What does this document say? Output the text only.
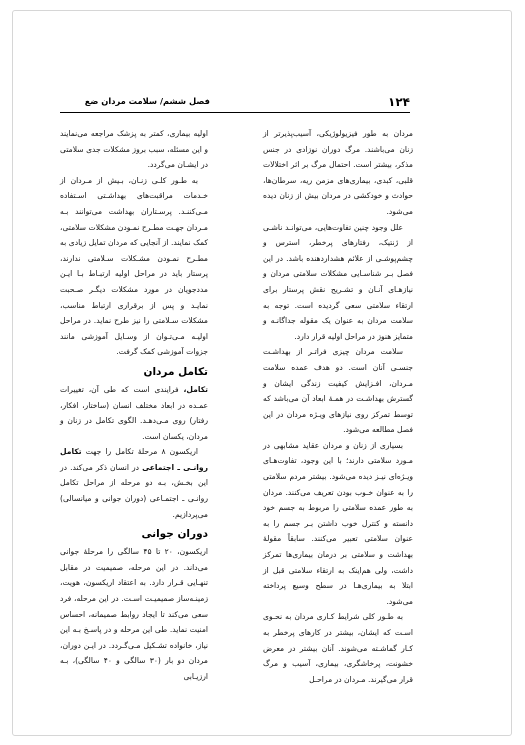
۱۲۴
فصل ششم/ سلامت مردان ضع

مردان به طور فیزیولوژیکی، آسیب‌پذیرتر از زنان می‌باشند. مرگ دوران نوزادی در جنس مذکر، بیشتر است. احتمال مرگ بر اثر اختلالات قلبی، کبدی، بیماری‌های مزمن ریه، سرطان‌ها، حوادث و خودکشی در مردان بیش از زنان دیده می‌شود.

علل وجود چنین تفاوت‌هایی، می‌توانـد ناشـی از ژنتیک، رفتارهای پرخطر، استرس و چشم‌پوشـی از علائم هشداردهنده باشد. در این فصل بـر شناسـایی مشکلات سلامتی مردان و نیازهـای آنـان و تشـریح نقش پرستار برای ارتقاء سلامتی سعی گردیده است. توجه به سلامت مردان به عنوان یک مقوله جداگانـه و متمایز هنوز در مراحل اولیه قرار دارد.

سلامت مردان چیزی فراتـر از بهداشـت جنسـی آنان است. دو هدف عمده سلامت مـردان، افـزایش کیفیت زندگی ایشان و گسترش بهداشـت در همـهٔ ابعاد آن می‌باشد که توسط تمرکز روی نیازهای ویـژه مردان در این فصل مطالعه می‌شود.

بسیاری از زنان و مردان عقاید مشابهی در مـورد سلامتی دارند؛ با این وجود، تفاوت‌هـای ویـژه‌ای نیـز دیده می‌شود. بیشتر مردم سلامتی را به عنوان خـوب بودن تعریف می‌کنند. مردان به طور عمده سلامتی را مربوط به جسم خود دانسته و کنترل خوب داشتن بـر جسم را به عنوان سلامتی تعبیر می‌کنند. سابقاً مقولهٔ بهداشت و سلامتی بر درمان بیماری‌ها تمرکز داشت، ولی هم‌اینک به ارتقاء سلامتی قبل از ابتلا به بیماری‌هـا در سطح وسیع پرداخته می‌شود.

به طـور کلی شرایط کـاری مردان به نحـوی اسـت که ایشان، بیشتر در کارهای پرخطر به کـار گماشـته می‌شوند. آنان بیشتر در معرض خشونت، پرخاشگری، بیماری، آسیب و مرگ قرار می‌گیرند. مـردان در مراحـل

اولیه بیماری، کمتر به پزشک مراجعه می‌نمایند و این مسئله، سبب بروز مشکلات جدی سلامتی در ایشـان می‌گردد.

به طـور کلـی زنـان، بـیش از مـردان از خـدمات مراقبت‌های بهداشـتی اسـتفاده مـی‌کننـد. پرسـتاران بهداشت می‌توانند بـه مـردان جهـت مطـرح نمـودن مشکلات سلامتی، کمک نمایند. از آنجایی که مردان تمایل زیادی به مطـرح نمـودن مشـکلات سـلامتی ندارند، پرستار باید در مراحل اولیه ارتبـاط بـا ایـن مددجویان در مورد مشکلات دیگـر صـحبت نمایـد و پس از برقراری ارتباط مناسب، مشکلات سـلامتی را نیز طرح نماید. در مراحل اولیـه مـی‌تـوان از وسـایل آموزشی مانند جزوات آموزشی کمک گرفت.

تکامل مردان

تکامل، فرایندی است که طی آن، تغییرات عمـده در ابعاد مختلف انسان (ساختار، افکار، رفتار) روی مـی‌دهـد. الگوی تکامل در زنان و مردان، یکسان است.

اریکسون ۸ مرحلهٔ تکامل را جهت تکامل روانـی ـ اجتماعی در انسان ذکر می‌کند. در این بخـش، بـه دو مرحله از مراحل تکامل روانـی ـ اجتمـاعی (دوران جوانی و میانسالی) می‌پردازیم.

دوران جوانی

اریکسون، ۲۰ تا ۴۵ سالگی را مرحلهٔ جوانی می‌داند. در این مرحله، صمیمیت در مقابل تنهـایی قـرار دارد. به اعتقاد اریکسون، هویت، زمینـه‌ساز صمیمیـت اسـت. در این مرحله، فرد سعی می‌کند تا ایجاد روابط صمیمانه، احساس امنیت نماید. طی این مرحله و در پاسـخ بـه این نیاز، خانواده تشـکیل مـی‌گـردد. در ایـن دوران، مردان دو بار (۳۰ سالگی و ۴۰ سالگی)، بـه ارزیـابی
